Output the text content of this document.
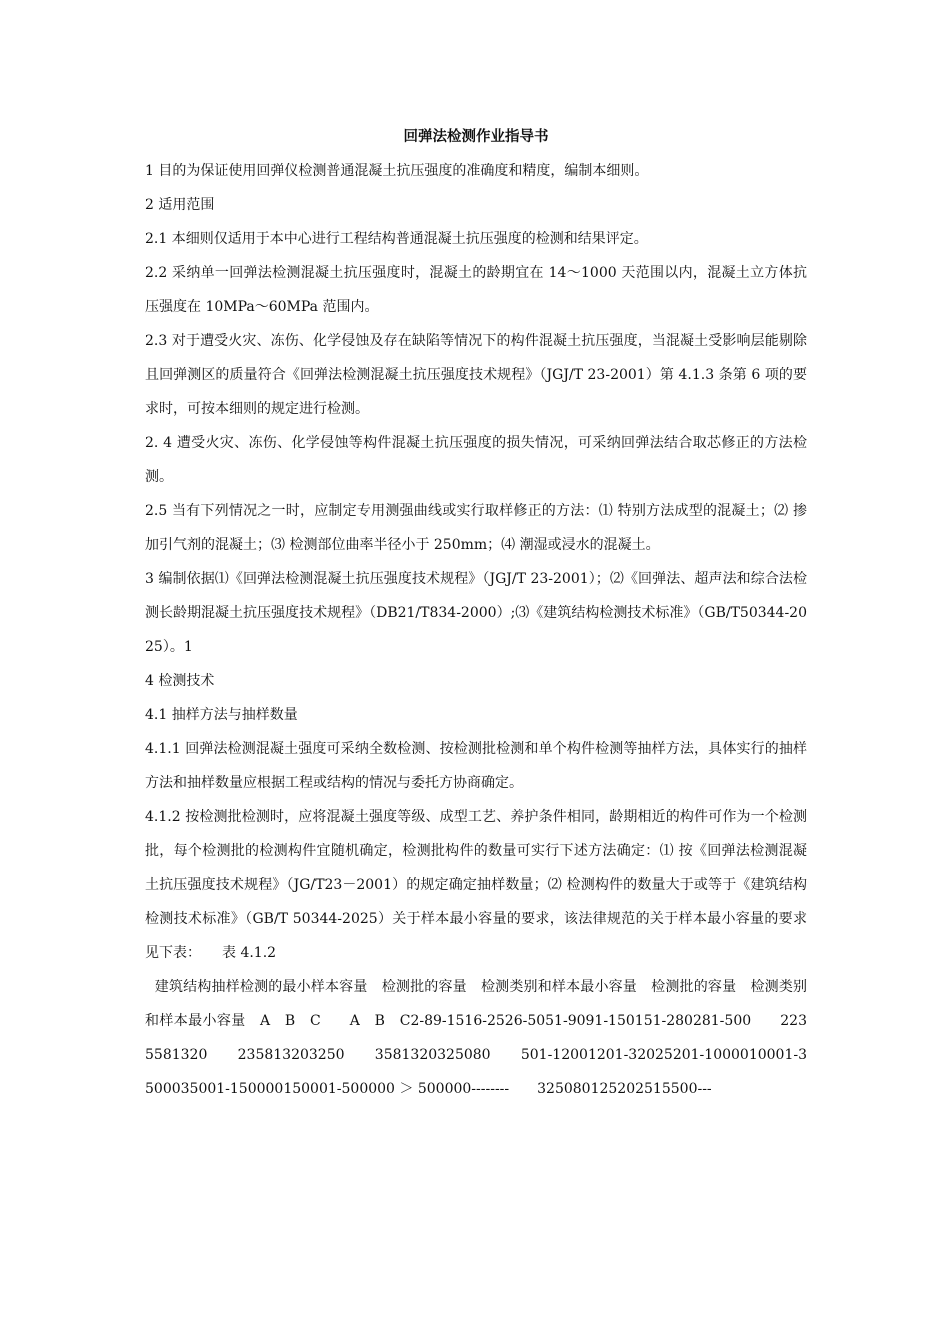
回弹法检测作业指导书

1 目的为保证使用回弹仪检测普通混凝土抗压强度的准确度和精度，编制本细则。

2 适用范围

2.1 本细则仅适用于本中心进行工程结构普通混凝土抗压强度的检测和结果评定。

2.2 采纳单一回弹法检测混凝土抗压强度时，混凝土的龄期宜在 14～1000 天范围以内，混凝土立方体抗压强度在 10MPa～60MPa 范围内。

2.3 对于遭受火灾、冻伤、化学侵蚀及存在缺陷等情况下的构件混凝土抗压强度，当混凝土受影响层能剔除且回弹测区的质量符合《回弹法检测混凝土抗压强度技术规程》（JGJ/T 23-2001）第 4.1.3 条第 6 项的要求时，可按本细则的规定进行检测。

2. 4 遭受火灾、冻伤、化学侵蚀等构件混凝土抗压强度的损失情况，可采纳回弹法结合取芯修正的方法检测。

2.5 当有下列情况之一时，应制定专用测强曲线或实行取样修正的方法：⑴ 特别方法成型的混凝土；⑵ 掺加引气剂的混凝土；⑶ 检测部位曲率半径小于 250mm；⑷ 潮湿或浸水的混凝土。

3 编制依据⑴《回弹法检测混凝土抗压强度技术规程》（JGJ/T 23-2001）；⑵《回弹法、超声法和综合法检测长龄期混凝土抗压强度技术规程》（DB21/T834-2000）;⑶《建筑结构检测技术标准》（GB/T50344-2025）。1

4 检测技术

4.1 抽样方法与抽样数量

4.1.1 回弹法检测混凝土强度可采纳全数检测、按检测批检测和单个构件检测等抽样方法，具体实行的抽样方法和抽样数量应根据工程或结构的情况与委托方协商确定。

4.1.2 按检测批检测时，应将混凝土强度等级、成型工艺、养护条件相同，龄期相近的构件可作为一个检测批，每个检测批的检测构件宜随机确定，检测批构件的数量可实行下述方法确定：⑴ 按《回弹法检测混凝土抗压强度技术规程》（JG/T23－2001）的规定确定抽样数量；⑵ 检测构件的数量大于或等于《建筑结构检测技术标准》（GB/T 50344-2025）关于样本最小容量的要求，该法律规范的关于样本最小容量的要求见下表：　　表 4.1.2

建筑结构抽样检测的最小样本容量　检测批的容量　检测类别和样本最小容量　检测批的容量　检测类别和样本最小容量　A　B　C　　A　B　C2-89-1516-2526-5051-9091-150151-280281-500　　2235581320　　235813203250　　3581320325080　　501-12001201-32025201-1000010001-3500035001-150000150001-500000 ＞ 500000--------　　325080125202515500---
